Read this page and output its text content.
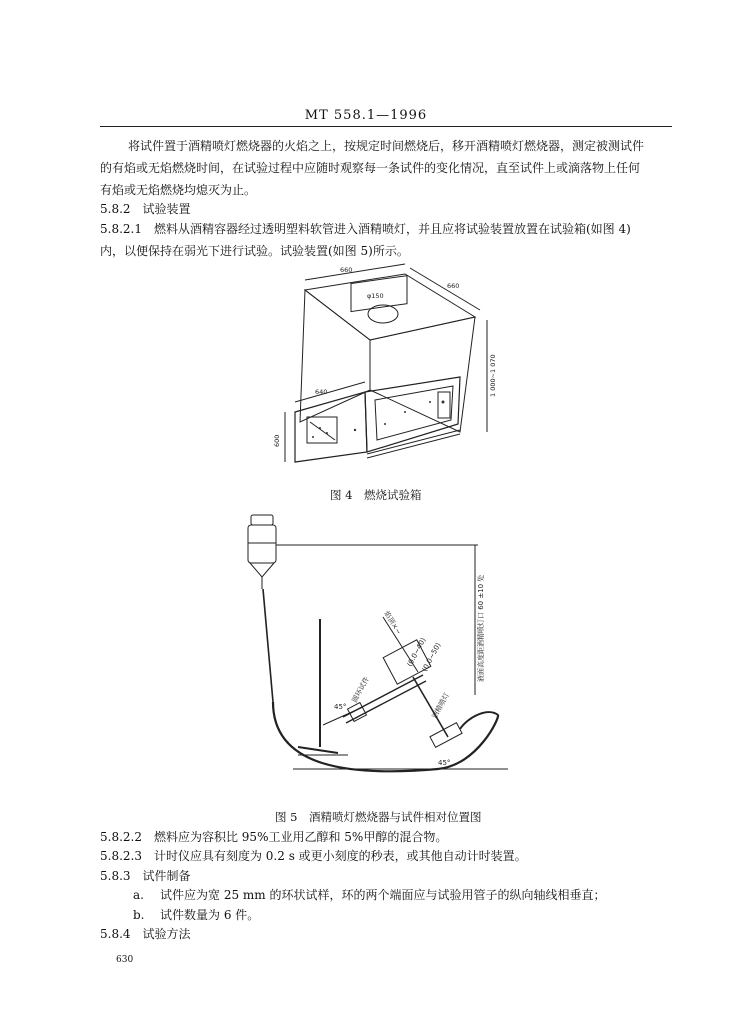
MT 558.1—1996
将试件置于酒精喷灯燃烧器的火焰之上，按规定时间燃烧后，移开酒精喷灯燃烧器，测定被测试件
的有焰或无焰燃烧时间，在试验过程中应随时观察每一条试件的变化情况，直至试件上或滴落物上任何
有焰或无焰燃烧均熄灭为止。
5.8.2　试验装置
5.8.2.1　燃料从酒精容器经过透明塑料软管进入酒精喷灯，并且应将试验装置放置在试验箱(如图 4)
内，以便保持在弱光下进行试验。试验装置(如图 5)所示。
660
660
φ150
1 000~1 070
640
600
图 4　燃烧试验箱
液面高度距酒精喷灯口 60 ±10 处
圆环试件
酒精喷灯
焰顶×~
(0.0~40)
(0.0~50)
45°
45°
图 5　酒精喷灯燃烧器与试件相对位置图
5.8.2.2　燃料应为容积比 95%工业用乙醇和 5%甲醇的混合物。
5.8.2.3　计时仪应具有刻度为 0.2 s 或更小刻度的秒表，或其他自动计时装置。
5.8.3　试件制备
a. 试件应为宽 25 mm 的环状试样，环的两个端面应与试验用管子的纵向轴线相垂直；
b. 试件数量为 6 件。
5.8.4　试验方法
630
